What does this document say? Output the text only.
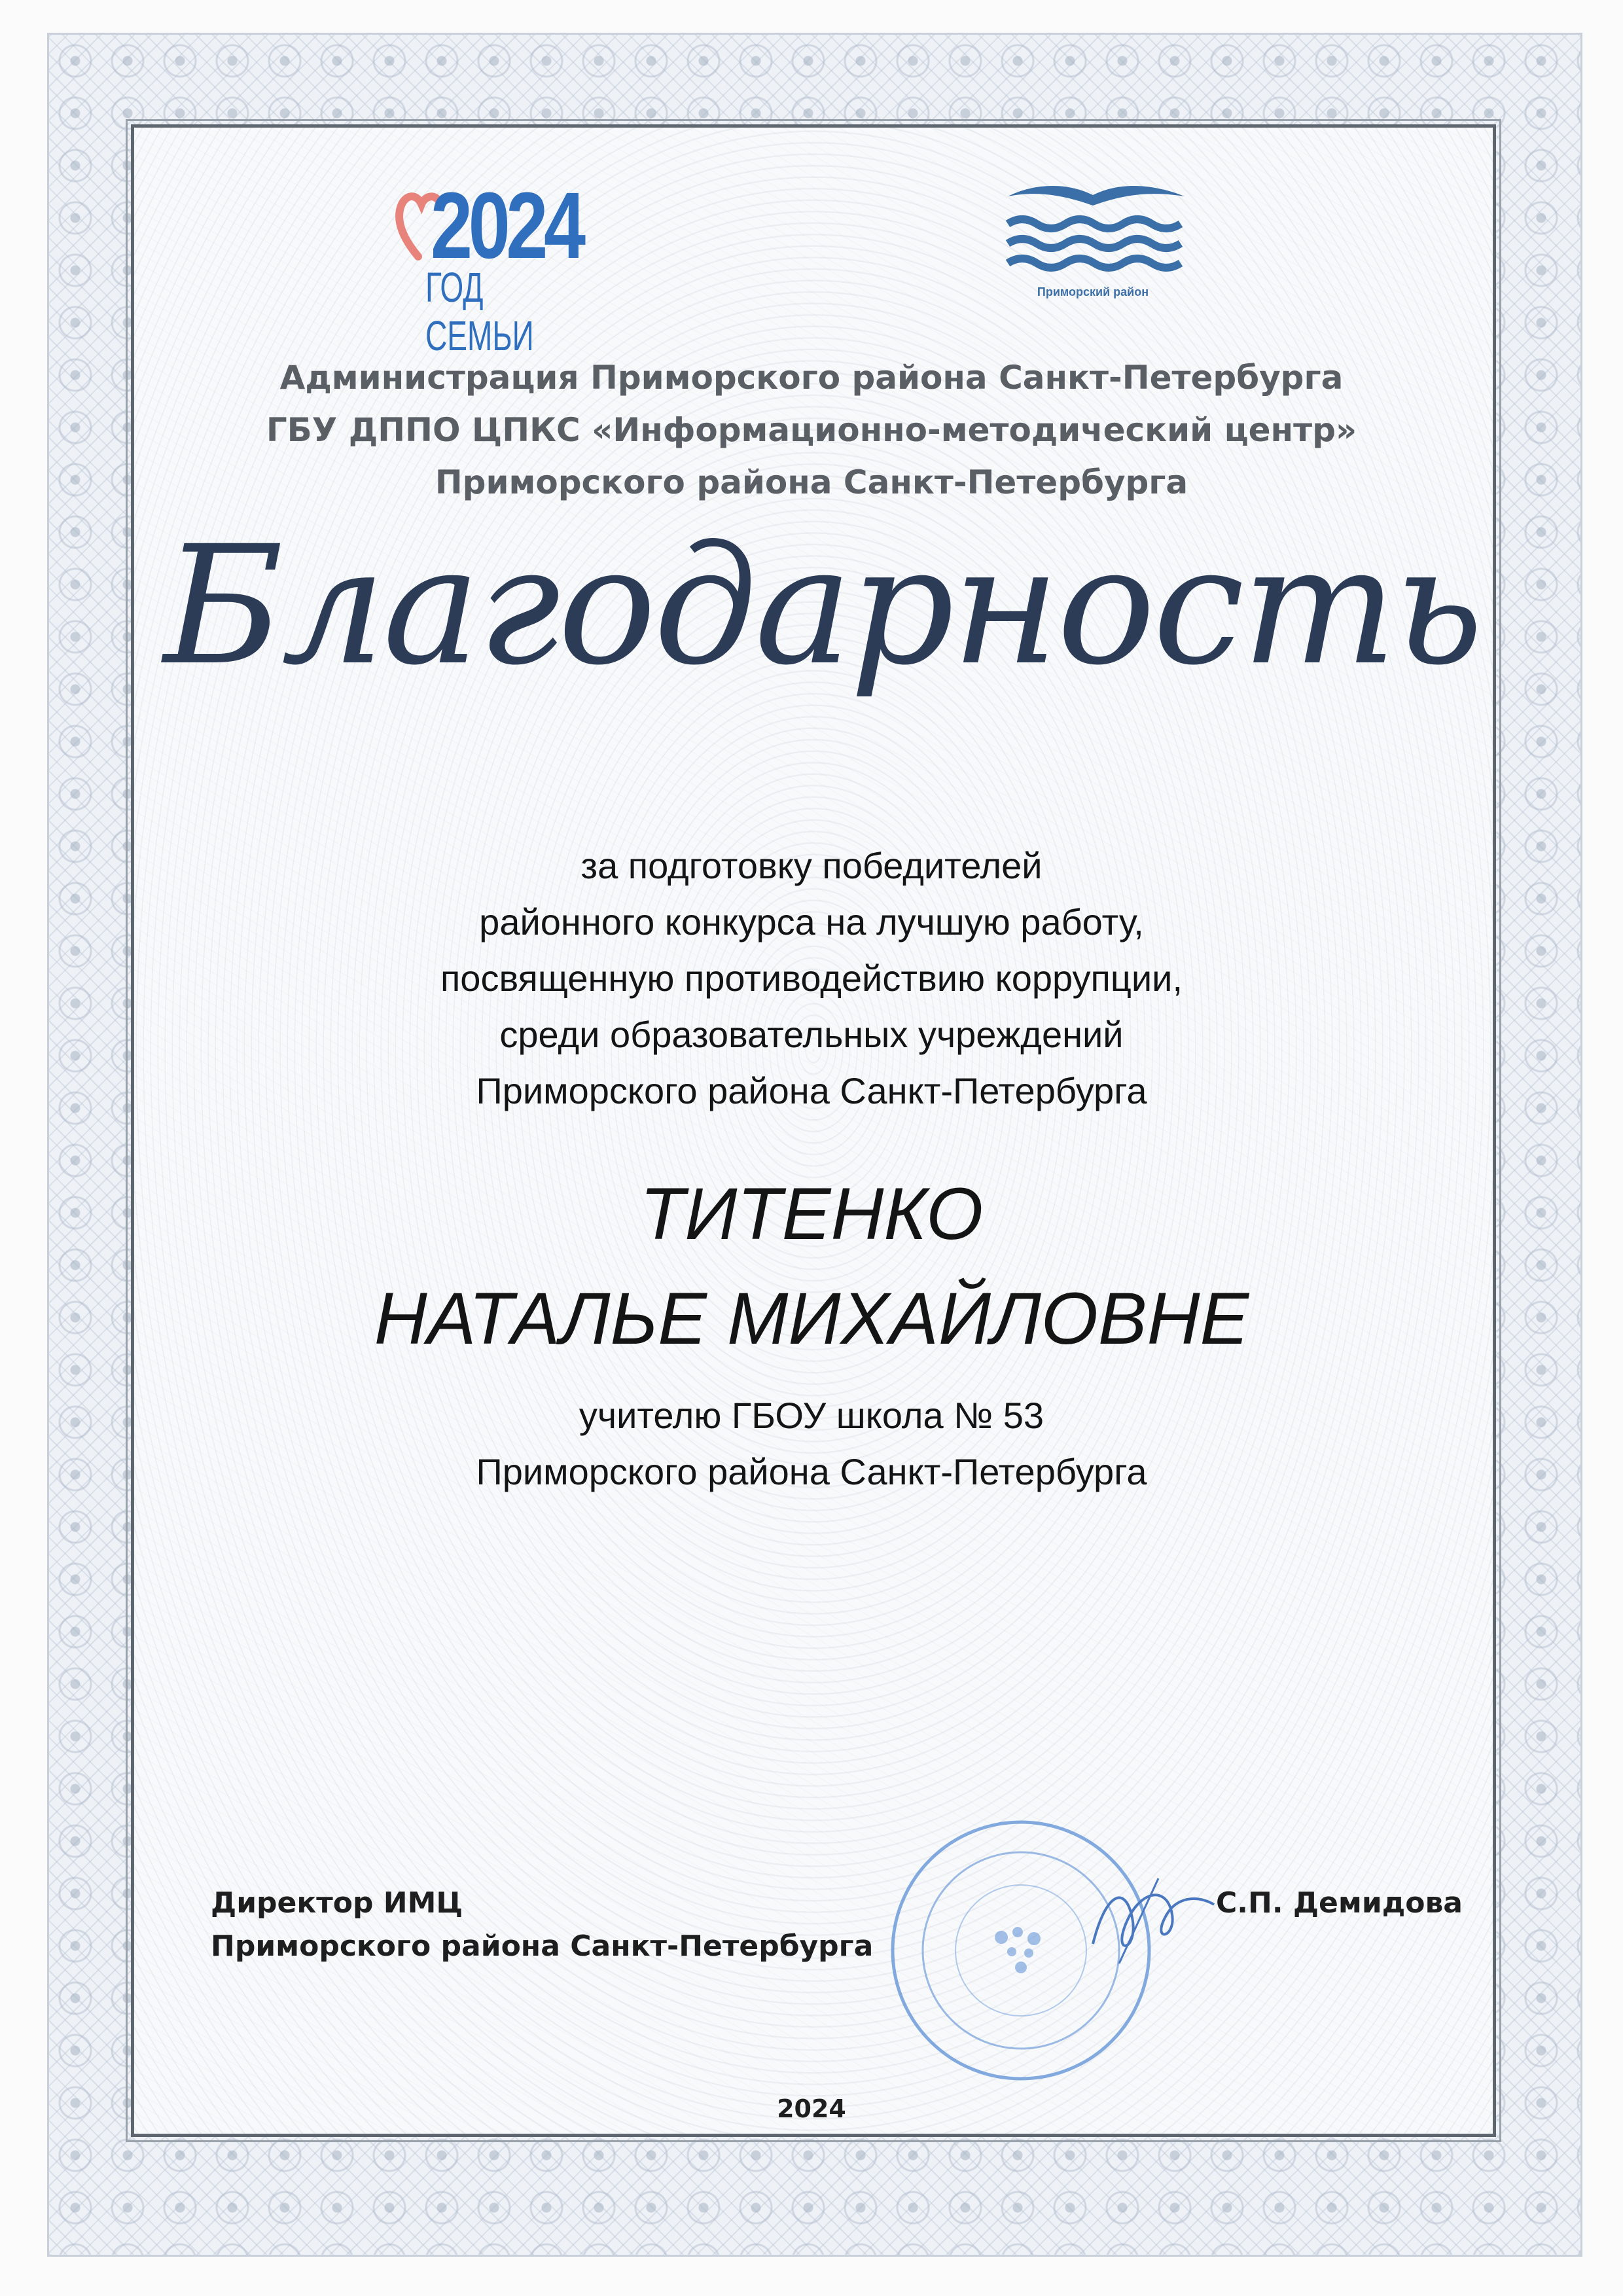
2024
ГОД СЕМЬИ
Приморский район
Администрация Приморского района Санкт-Петербурга
ГБУ ДППО ЦПКС «Информационно-методический центр»
Приморского района Санкт-Петербурга
Благодарность
за подготовку победителей
районного конкурса на лучшую работу,
посвященную противодействию коррупции,
среди образовательных учреждений
Приморского района Санкт-Петербурга
ТИТЕНКО
НАТАЛЬЕ МИХАЙЛОВНЕ
учителю ГБОУ школа № 53
Приморского района Санкт-Петербурга
Директор ИМЦ
Приморского района Санкт-Петербурга
С.П. Демидова
2024
